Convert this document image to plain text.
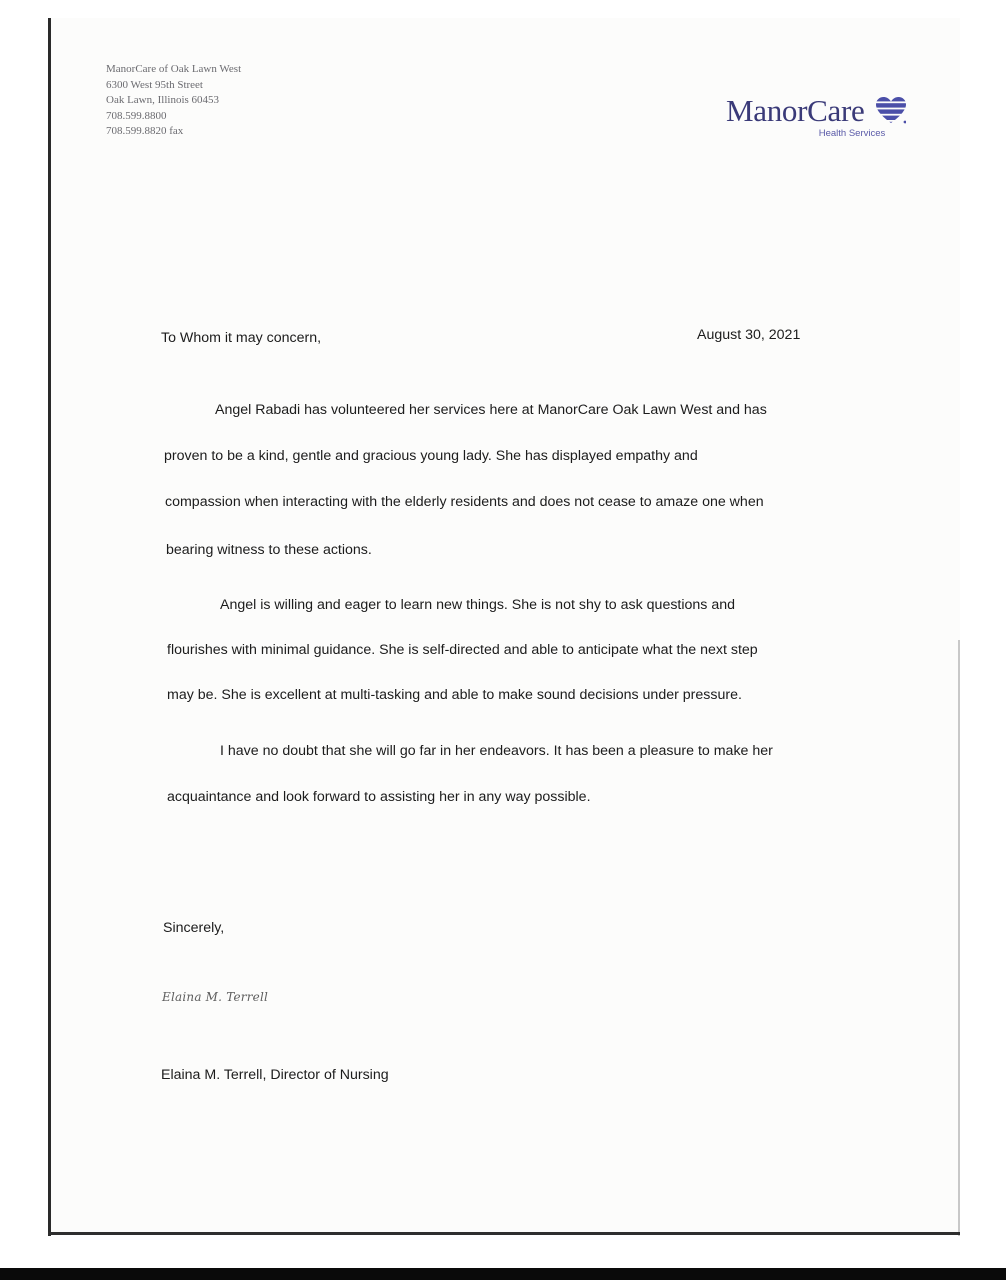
ManorCare of Oak Lawn West
6300 West 95th Street
Oak Lawn, Illinois 60453
708.599.8800
708.599.8820 fax
ManorCare
Health Services
To Whom it may concern,	August 30, 2021
Angel Rabadi has volunteered her services here at ManorCare Oak Lawn West and has
proven to be a kind, gentle and gracious young lady. She has displayed empathy and
compassion when interacting with the elderly residents and does not cease to amaze one when
bearing witness to these actions.
Angel is willing and eager to learn new things. She is not shy to ask questions and
flourishes with minimal guidance. She is self-directed and able to anticipate what the next step
may be. She is excellent at multi-tasking and able to make sound decisions under pressure.
I have no doubt that she will go far in her endeavors. It has been a pleasure to make her
acquaintance and look forward to assisting her in any way possible.
Sincerely,
Elaina M. Terrell
Elaina M. Terrell, Director of Nursing
